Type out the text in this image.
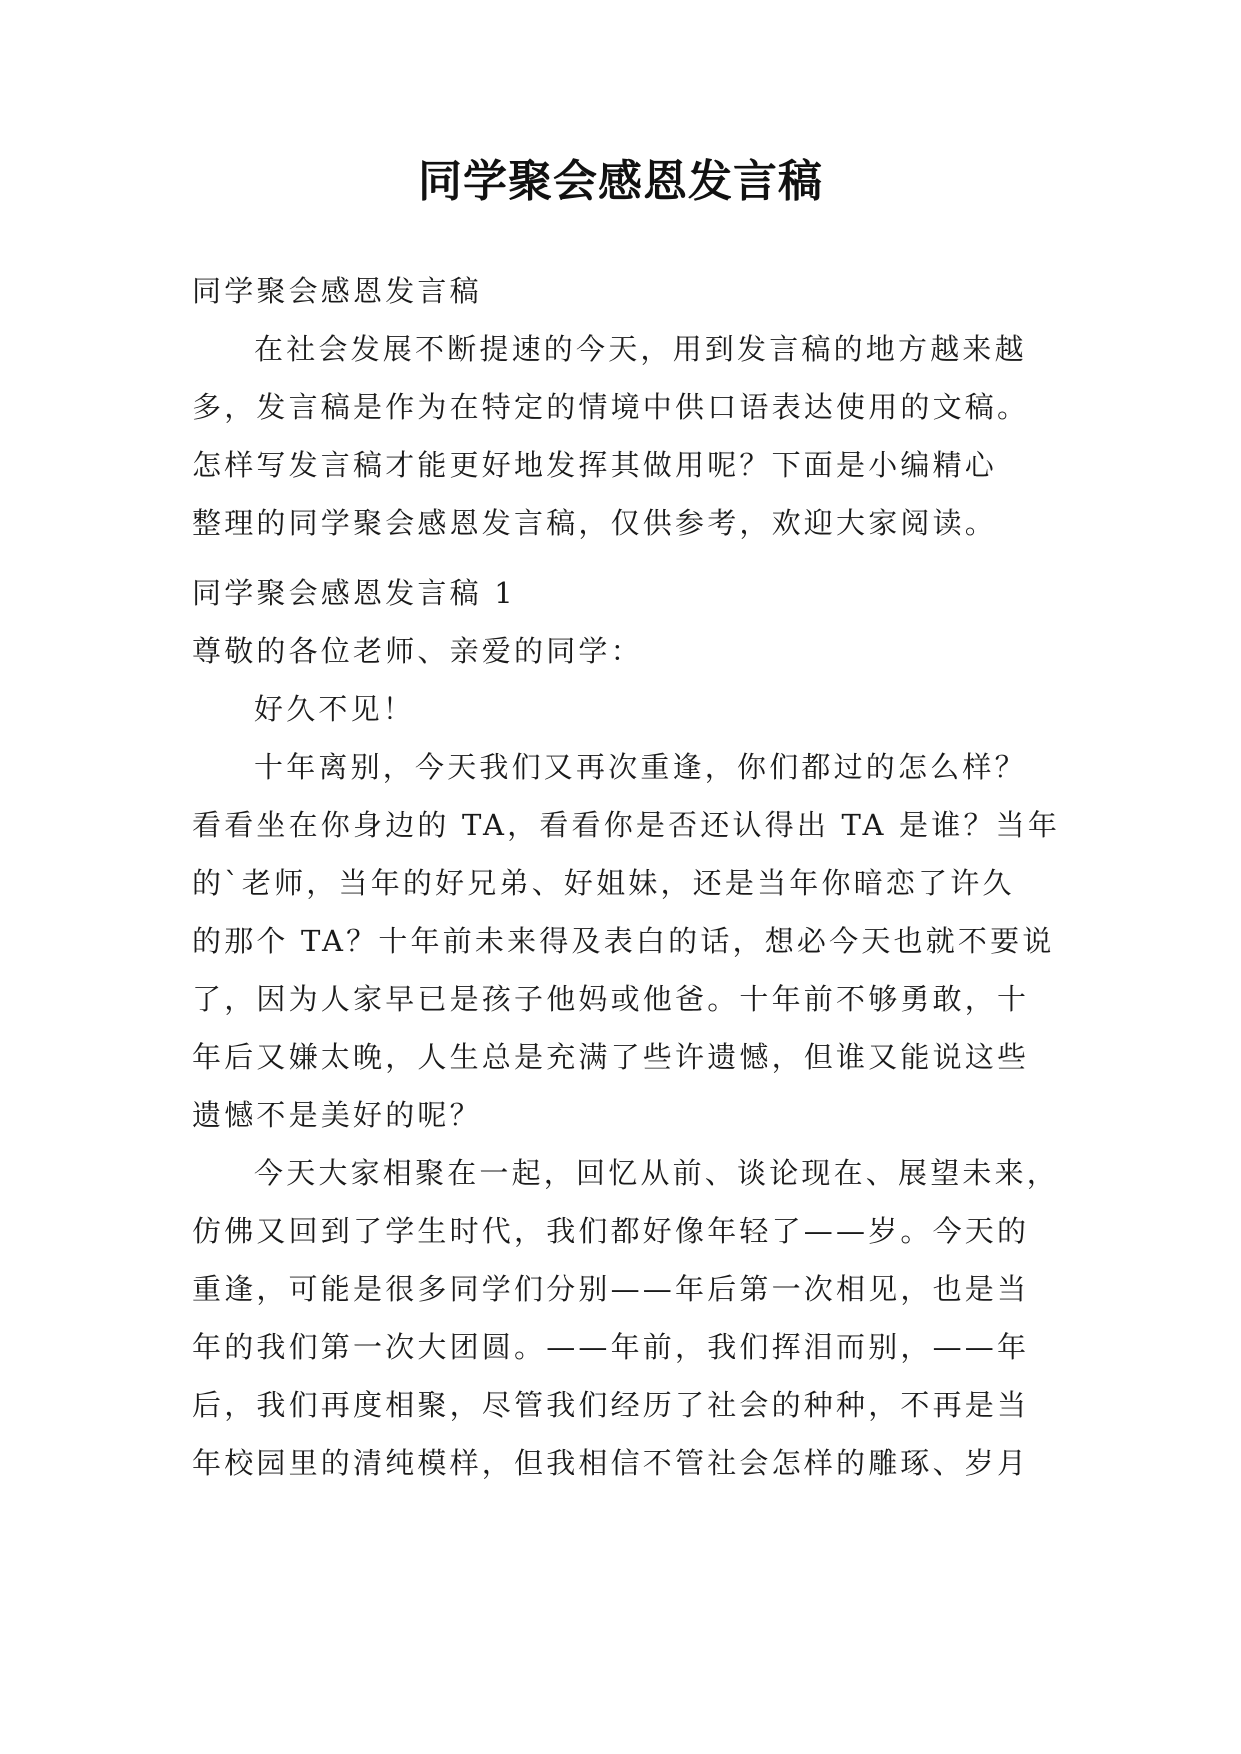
同学聚会感恩发言稿
同学聚会感恩发言稿
在社会发展不断提速的今天，用到发言稿的地方越来越
多，发言稿是作为在特定的情境中供口语表达使用的文稿。
怎样写发言稿才能更好地发挥其做用呢？下面是小编精心
整理的同学聚会感恩发言稿，仅供参考，欢迎大家阅读。
同学聚会感恩发言稿 1
尊敬的各位老师、亲爱的同学：
好久不见！
十年离别，今天我们又再次重逢，你们都过的怎么样？
看看坐在你身边的 TA，看看你是否还认得出 TA 是谁？当年
的`老师，当年的好兄弟、好姐妹，还是当年你暗恋了许久
的那个 TA？十年前未来得及表白的话，想必今天也就不要说
了，因为人家早已是孩子他妈或他爸。十年前不够勇敢，十
年后又嫌太晚，人生总是充满了些许遗憾，但谁又能说这些
遗憾不是美好的呢？
今天大家相聚在一起，回忆从前、谈论现在、展望未来，
仿佛又回到了学生时代，我们都好像年轻了——岁。今天的
重逢，可能是很多同学们分别——年后第一次相见，也是当
年的我们第一次大团圆。——年前，我们挥泪而别，——年
后，我们再度相聚，尽管我们经历了社会的种种，不再是当
年校园里的清纯模样，但我相信不管社会怎样的雕琢、岁月
